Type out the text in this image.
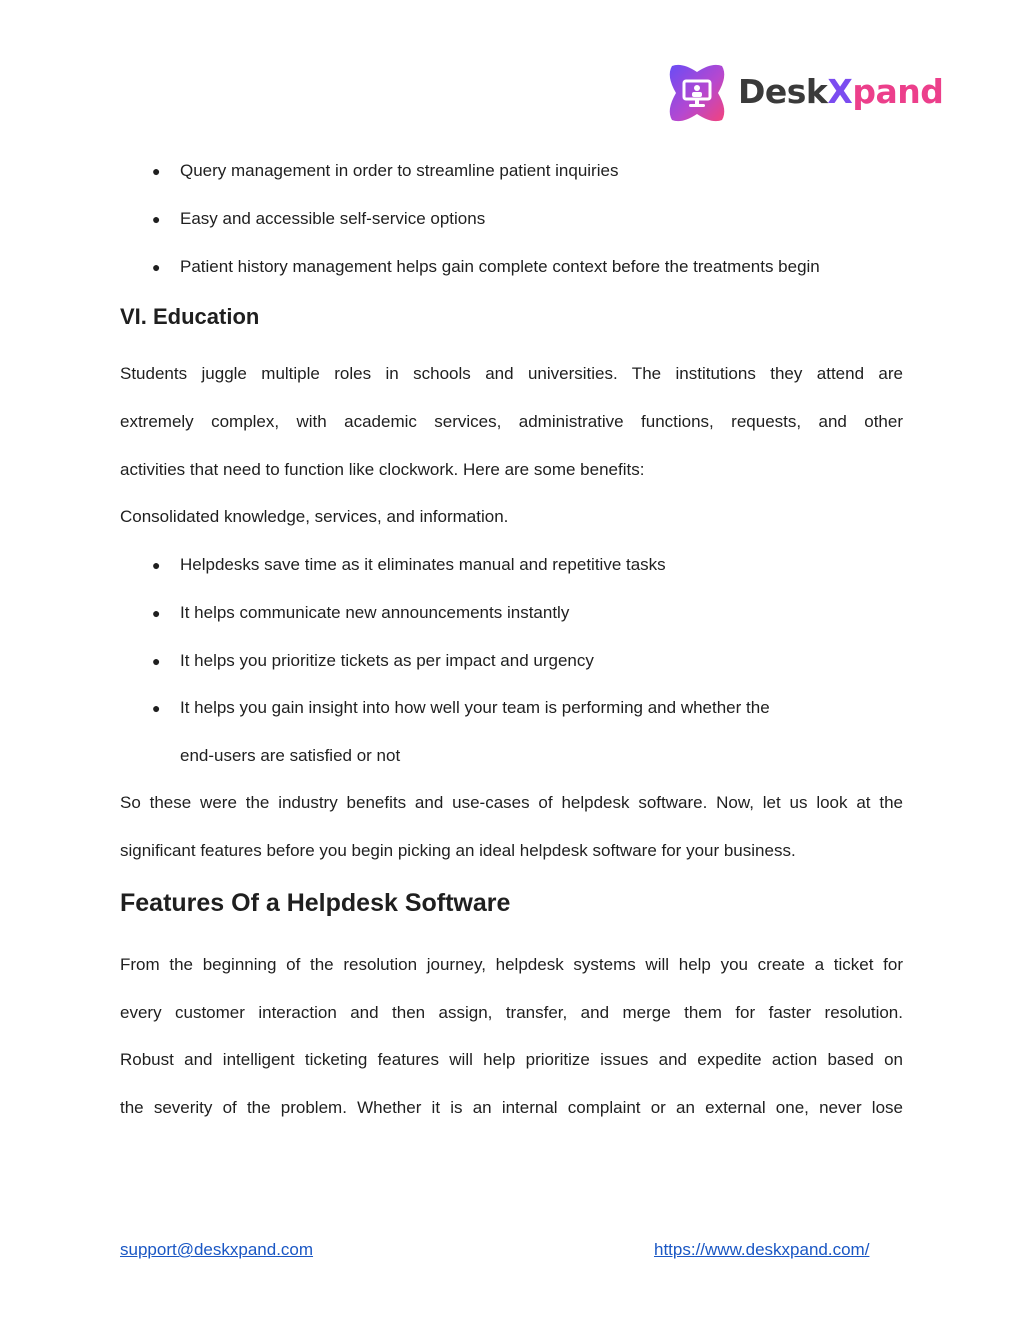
DeskXpand
● Query management in order to streamline patient inquiries
● Easy and accessible self-service options
● Patient history management helps gain complete context before the treatments begin
VI. Education
Students juggle multiple roles in schools and universities. The institutions they attend are
extremely complex, with academic services, administrative functions, requests, and other
activities that need to function like clockwork. Here are some benefits:
Consolidated knowledge, services, and information.
● Helpdesks save time as it eliminates manual and repetitive tasks
● It helps communicate new announcements instantly
● It helps you prioritize tickets as per impact and urgency
● It helps you gain insight into how well your team is performing and whether the
end-users are satisfied or not
So these were the industry benefits and use-cases of helpdesk software. Now, let us look at the
significant features before you begin picking an ideal helpdesk software for your business.
Features Of a Helpdesk Software
From the beginning of the resolution journey, helpdesk systems will help you create a ticket for
every customer interaction and then assign, transfer, and merge them for faster resolution.
Robust and intelligent ticketing features will help prioritize issues and expedite action based on
the severity of the problem. Whether it is an internal complaint or an external one, never lose
support@deskxpand.com	https://www.deskxpand.com/
